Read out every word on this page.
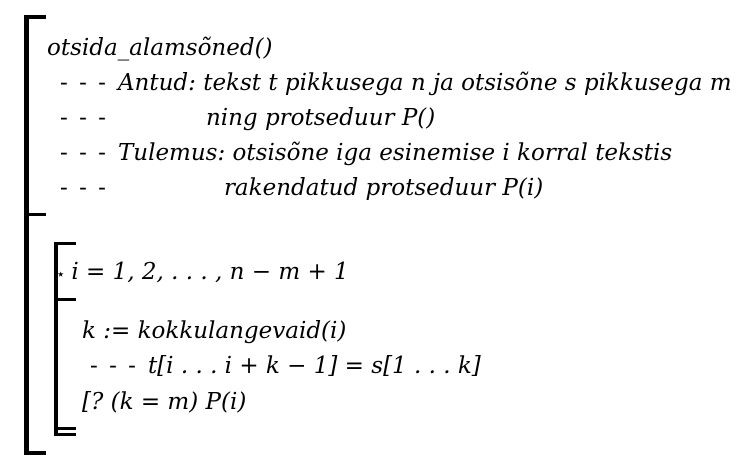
otsida_alamsõned()
- - - Antud: tekst t pikkusega n ja otsisõne s pikkusega m
- - -	ning protseduur P()
- - - Tulemus: otsisõne iga esinemise i korral tekstis
- - -	rakendatud protseduur P(i)
⋆ i = 1, 2, . . . , n − m + 1
k := kokkulangevaid(i)
- - - t[i . . . i + k − 1] = s[1 . . . k]
[? (k = m) P(i)
